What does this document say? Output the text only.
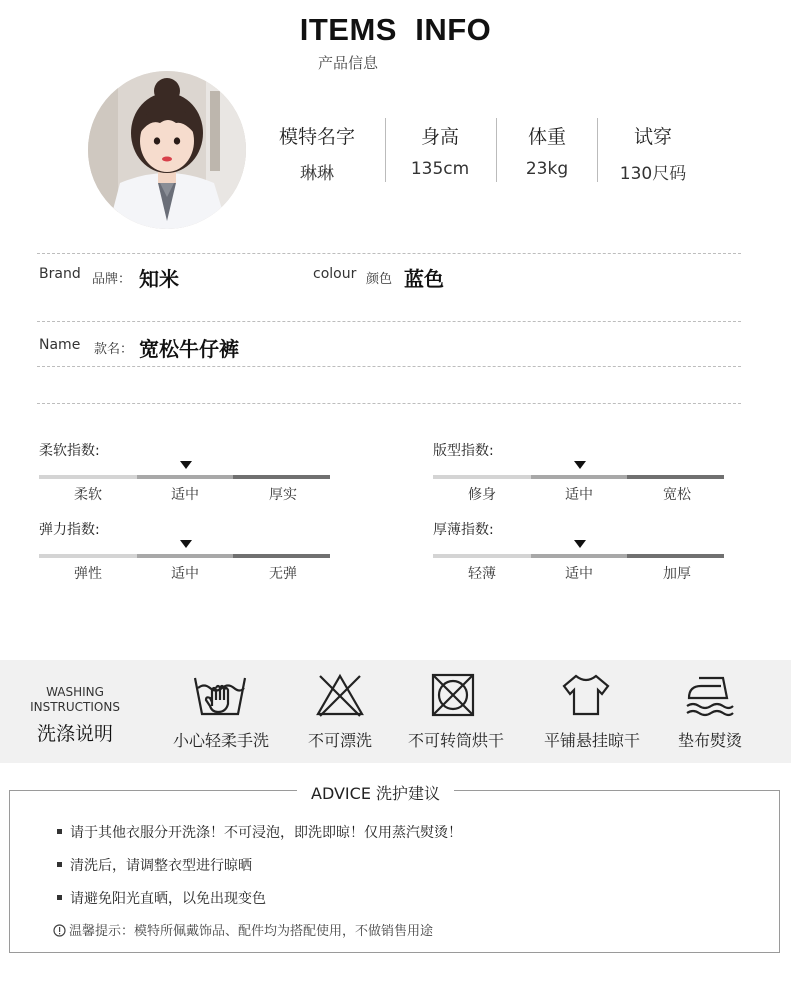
ITEMS INFO
产品信息
模特名字
琳琳
身高
135cm
体重
23kg
试穿
130尺码
Brand 品牌： 知米	colour 颜色 蓝色
Name 款名： 宽松牛仔裤
柔软指数:
柔软	适中	厚实
版型指数:
修身	适中	宽松
弹力指数:
弹性	适中	无弹
厚薄指数:
轻薄	适中	加厚
WASHING
INSTRUCTIONS
洗涤说明	小心轻柔手洗	不可漂洗	不可转筒烘干	平铺悬挂晾干	垫布熨烫
ADVICE 洗护建议
请于其他衣服分开洗涤！不可浸泡，即洗即晾！仅用蒸汽熨烫！
清洗后，请调整衣型进行晾晒
请避免阳光直晒，以免出现变色
温馨提示：模特所佩戴饰品、配件均为搭配使用，不做销售用途
